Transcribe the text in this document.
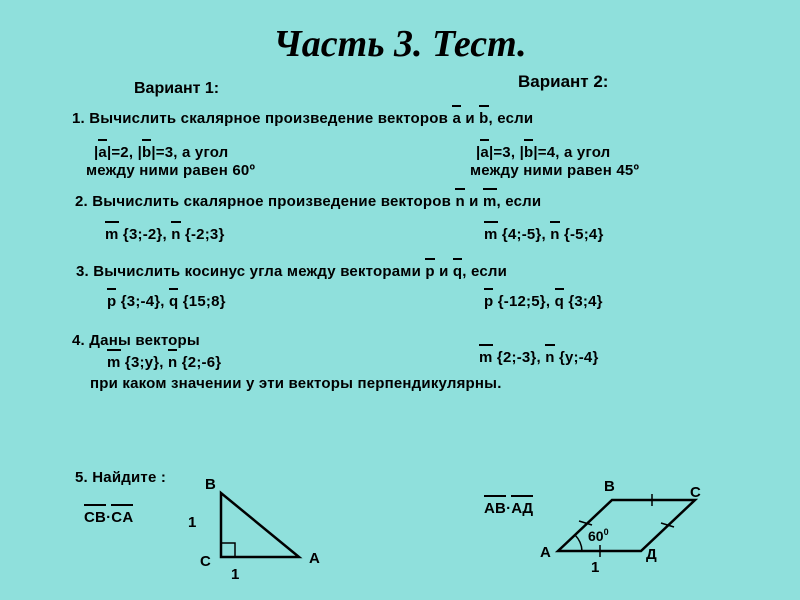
Часть 3. Тест.
Вариант 1:	Вариант 2:
1. Вычислить скалярное произведение векторов a и b, если
|a|=2, |b|=3, а угол
между ними равен 60º
|a|=3, |b|=4, а угол
между ними равен 45º
2. Вычислить скалярное произведение векторов n и m, если
m {3;-2}, n {-2;3}	m {4;-5}, n {-5;4}
3. Вычислить косинус угла между векторами p и q, если
p {3;-4}, q {15;8}	p {-12;5}, q {3;4}
4. Даны векторы
m {3;y}, n {2;-6}	m {2;-3}, n {y;-4}
при каком значении у эти векторы перпендикулярны.
5. Найдите :
CB·CA
AB·AД
B
C	A
1
1
B	C
A	Д
$60^0$
1
